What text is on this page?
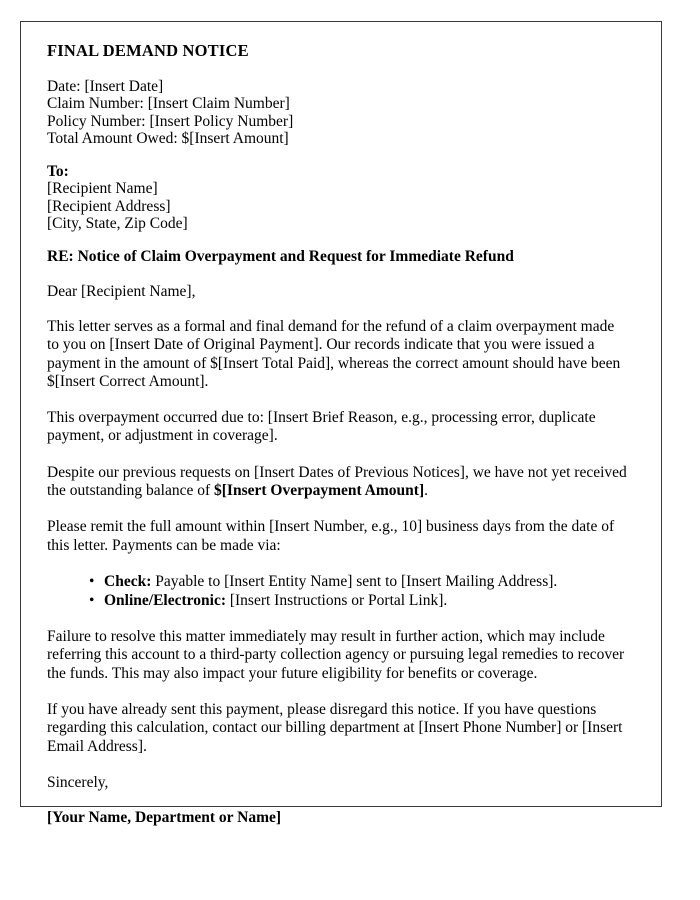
FINAL DEMAND NOTICE
Date: [Insert Date]
Claim Number: [Insert Claim Number]
Policy Number: [Insert Policy Number]
Total Amount Owed: $[Insert Amount]
To:
[Recipient Name]
[Recipient Address]
[City, State, Zip Code]
RE: Notice of Claim Overpayment and Request for Immediate Refund
Dear [Recipient Name],

This letter serves as a formal and final demand for the refund of a claim overpayment made to you on [Insert Date of Original Payment]. Our records indicate that you were issued a payment in the amount of $[Insert Total Paid], whereas the correct amount should have been $[Insert Correct Amount].

This overpayment occurred due to: [Insert Brief Reason, e.g., processing error, duplicate payment, or adjustment in coverage].

Despite our previous requests on [Insert Dates of Previous Notices], we have not yet received the outstanding balance of $[Insert Overpayment Amount].

Please remit the full amount within [Insert Number, e.g., 10] business days from the date of this letter. Payments can be made via:

• Check: Payable to [Insert Entity Name] sent to [Insert Mailing Address].
• Online/Electronic: [Insert Instructions or Portal Link].

Failure to resolve this matter immediately may result in further action, which may include referring this account to a third-party collection agency or pursuing legal remedies to recover the funds. This may also impact your future eligibility for benefits or coverage.

If you have already sent this payment, please disregard this notice. If you have questions regarding this calculation, contact our billing department at [Insert Phone Number] or [Insert Email Address].

Sincerely,
[Your Name, Department or Name]
